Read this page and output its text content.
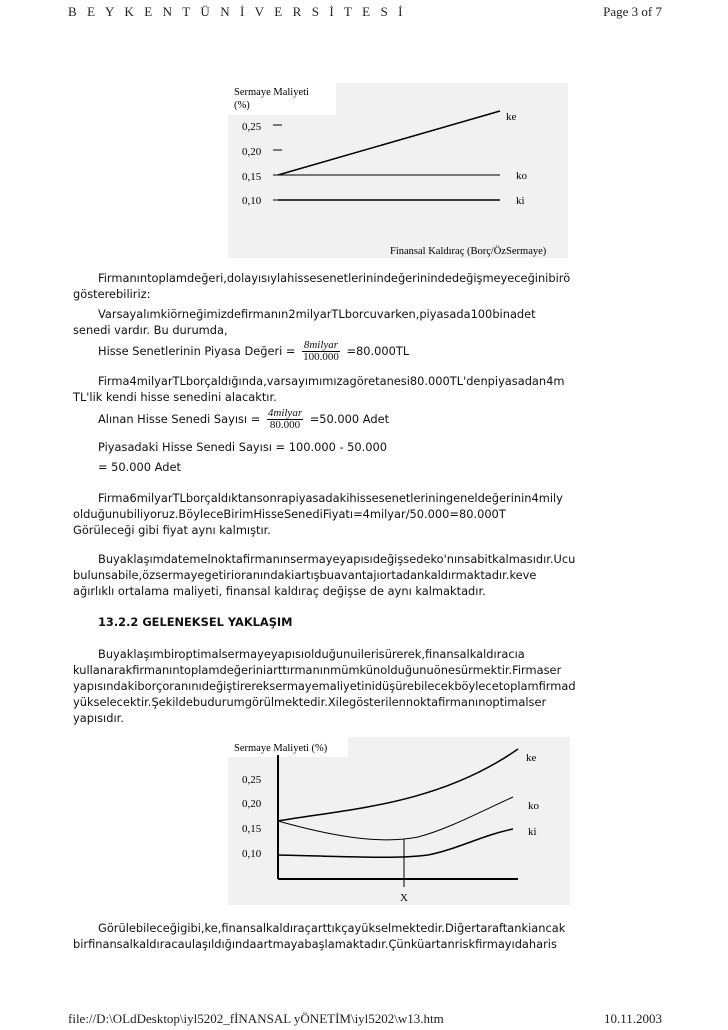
B E Y K E N T Ü N İ V E R S İ T E S İ	Page 3 of 7
Sermaye Maliyeti
(%)
0,25
0,20
0,15
0,10
ke
ko
ki
Finansal Kaldıraç (Borç/ÖzSermaye)
Firmanıntoplamdeğeri,dolayısıylahissesenetlerinindeğerinindedeğişmeyeceğinibirö
gösterebiliriz:
Varsayalımkiörneğimizdefirmanın2milyarTLborcuvarken,piyasada100binadet
senedi vardır. Bu durumda,
Hisse Senetlerinin Piyasa Değeri = $\frac{\text{8milyar}}{100.000} =80.000TL$
Firma4milyarTLborçaldığında,varsayımımızagöretanesi80.000TL'denpiyasadan4m
TL'lik kendi hisse senedini alacaktır.
Alınan Hisse Senedi Sayısı = $\frac{\text{4milyar}}{80.000} =50.000$ Adet
Piyasadaki Hisse Senedi Sayısı = 100.000 - 50.000
= 50.000 Adet
Firma6milyarTLborçaldıktansonrapiyasadakihissesenetleriningeneldeğerinin4mily
olduğunubiliyoruz.BöyleceBirimHisseSenediFiyatı=4milyar/50.000=80.000T
Görüleceği gibi fiyat aynı kalmıştır.
Buyaklaşımdatemelnoktafirmanınsermayeyapısıdeğişsedeko'nınsabitkalmasıdır.Ucu
bulunsabile,özsermayegetirioranındakiartışbuavantajıortadankaldırmaktadır.keve
ağırlıklı ortalama maliyeti, finansal kaldıraç değişse de aynı kalmaktadır.
13.2.2 GELENEKSEL YAKLAŞIM
Buyaklaşımbiroptimalsermayeyapısıolduğunuilerisürerek,finansalkaldıracıa
kullanarakfirmanıntoplamdeğeriniarttırmanınmümkünolduğunuönesürmektir.Firmaser
yapısındakiborçoranınıdeğiştirereksermayemaliyetinidüşürebilecekböylecetoplamfirmad
yükselecektir.Şekildebudurumgörülmektedir.Xilegösterilennoktafirmanınoptimalser
yapısıdır.
Sermaye Maliyeti (%)
0,25
0,20
0,15
0,10
ke
ko
ki
X
Görülebileceğigibi,ke,finansalkaldıraçarttıkçayükselmektedir.Diğertaraftankiancak
birfinansalkaldıracaulaşıldığındaartmayabaşlamaktadır.Çünküartanriskfirmayıdaharis
file://D:\OLdDesktop\iyl5202_fİNANSAL yÖNETİM\iyl5202\w13.htm	10.11.2003
